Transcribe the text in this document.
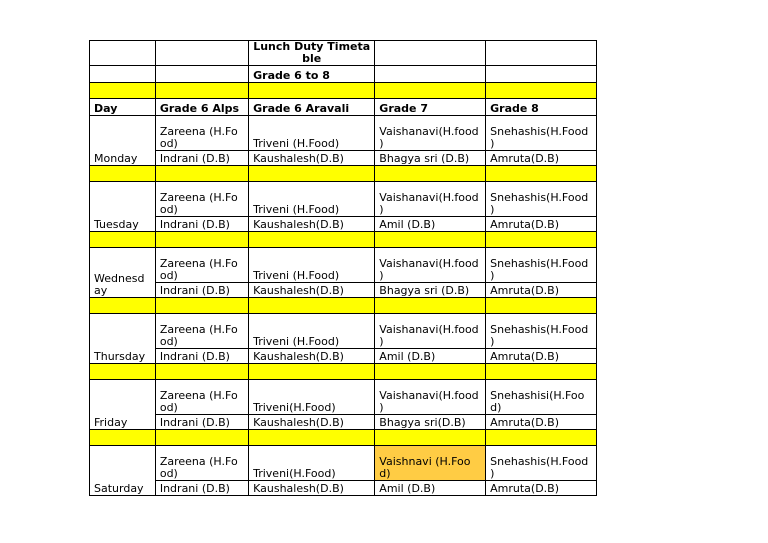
		Lunch Duty Timetable		
		Grade 6 to 8		

Day	Grade 6 Alps	Grade 6 Aravali	Grade 7	Grade 8
Monday	Zareena (H.Food)	Triveni (H.Food)	Vaishanavi(H.food )	Snehashis(H.Food )
	Indrani (D.B)	Kaushalesh(D.B)	Bhagya sri (D.B)	Amruta(D.B)

Tuesday	Zareena (H.Food)	Triveni (H.Food)	Vaishanavi(H.food )	Snehashis(H.Food )
	Indrani (D.B)	Kaushalesh(D.B)	Amil (D.B)	Amruta(D.B)

Wednesday	Zareena (H.Food)	Triveni (H.Food)	Vaishanavi(H.food )	Snehashis(H.Food )
	Indrani (D.B)	Kaushalesh(D.B)	Bhagya sri (D.B)	Amruta(D.B)

Thursday	Zareena (H.Food)	Triveni (H.Food)	Vaishanavi(H.food )	Snehashis(H.Food )
	Indrani (D.B)	Kaushalesh(D.B)	Amil (D.B)	Amruta(D.B)

Friday	Zareena (H.Food)	Triveni(H.Food)	Vaishanavi(H.food )	Snehashisi(H.Food)
	Indrani (D.B)	Kaushalesh(D.B)	Bhagya sri(D.B)	Amruta(D.B)

Saturday	Zareena (H.Food)	Triveni(H.Food)	Vaishnavi (H.Food)	Snehashis(H.Food )
	Indrani (D.B)	Kaushalesh(D.B)	Amil (D.B)	Amruta(D.B)
